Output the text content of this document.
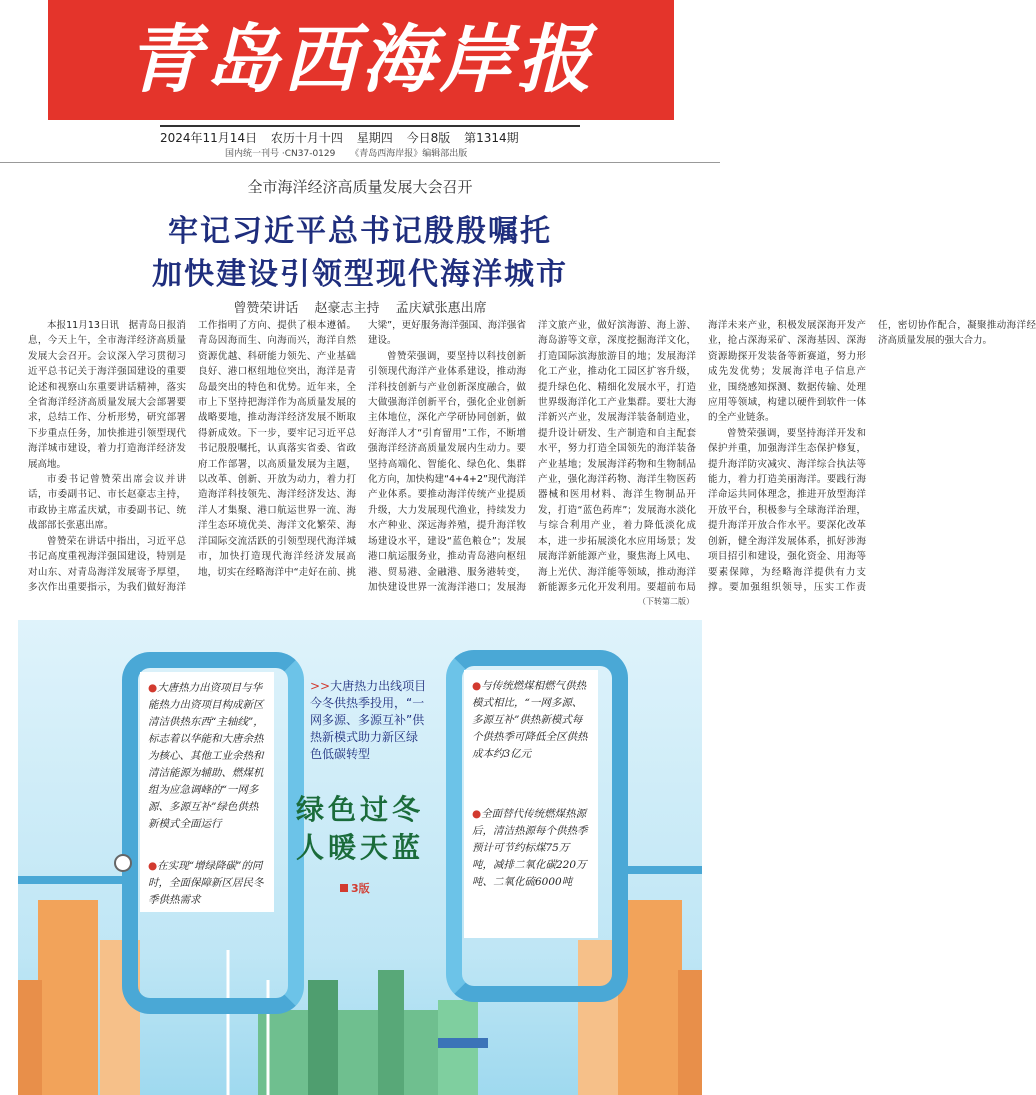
青岛西海岸报
2024年11月14日 农历十月十四 星期四 今日8版 第1314期
国内统一刊号 ·CN37-0129 《青岛西海岸报》编辑部出版
全市海洋经济高质量发展大会召开
牢记习近平总书记殷殷嘱托
加快建设引领型现代海洋城市
曾赞荣讲话 赵豪志主持 孟庆斌张惠出席

本报11月13日讯　据青岛日报消息，今天上午，全市海洋经济高质量发展大会召开。会议深入学习贯彻习近平总书记关于海洋强国建设的重要论述和视察山东重要讲话精神，落实全省海洋经济高质量发展大会部署要求，总结工作、分析形势，研究部署下步重点任务，加快推进引领型现代海洋城市建设，着力打造海洋经济发展高地。

市委书记曾赞荣出席会议并讲话，市委副书记、市长赵豪志主持，市政协主席孟庆斌，市委副书记、统战部部长张惠出席。

曾赞荣在讲话中指出，习近平总书记高度重视海洋强国建设，特别是对山东、对青岛海洋发展寄予厚望，多次作出重要指示，为我们做好海洋工作指明了方向、提供了根本遵循。青岛因海而生、向海而兴，海洋自然资源优越、科研能力领先、产业基础良好、港口枢纽地位突出，海洋是青岛最突出的特色和优势。近年来，全市上下坚持把海洋作为高质量发展的战略要地，推动海洋经济发展不断取得新成效。下一步，要牢记习近平总书记殷殷嘱托，认真落实省委、省政府工作部署，以高质量发展为主题，以改革、创新、开放为动力，着力打造海洋科技领先、海洋经济发达、海洋人才集聚、港口航运世界一流、海洋生态环境优美、海洋文化繁荣、海洋国际交流活跃的引领型现代海洋城市，加快打造现代海洋经济发展高地，切实在经略海洋中“走好在前、挑大梁”，更好服务海洋强国、海洋强省建设。

曾赞荣强调，要坚持以科技创新引领现代海洋产业体系建设，推动海洋科技创新与产业创新深度融合，做大做强海洋创新平台，强化企业创新主体地位，深化产学研协同创新，做好海洋人才“引育留用”工作，不断增强海洋经济高质量发展内生动力。要坚持高端化、智能化、绿色化、集群化方向，加快构建“4+4+2”现代海洋产业体系。要推动海洋传统产业提质升级，大力发展现代渔业，持续发力水产种业、深远海养殖，提升海洋牧场建设水平，建设“蓝色粮仓”；发展港口航运服务业，推动青岛港向枢纽港、贸易港、金融港、服务港转变，加快建设世界一流海洋港口；发展海洋文旅产业，做好滨海游、海上游、海岛游等文章，深度挖掘海洋文化，打造国际滨海旅游目的地；发展海洋化工产业，推动化工园区扩容升级，提升绿色化、精细化发展水平，打造世界级海洋化工产业集群。要壮大海洋新兴产业，发展海洋装备制造业，提升设计研发、生产制造和自主配套水平，努力打造全国领先的海洋装备产业基地；发展海洋药物和生物制品产业，强化海洋药物、海洋生物医药器械和医用材料、海洋生物制品开发，打造“蓝色药库”；发展海水淡化与综合利用产业，着力降低淡化成本，进一步拓展淡化水应用场景；发展海洋新能源产业，聚焦海上风电、海上光伏、海洋能等领域，推动海洋新能源多元化开发利用。要超前布局海洋未来产业，积极发展深海开发产业，抢占深海采矿、深海基因、深海资源勘探开发装备等新赛道，努力形成先发优势；发展海洋电子信息产业，围绕感知探测、数据传输、处理应用等领域，构建以硬件到软件一体的全产业链条。

曾赞荣强调，要坚持海洋开发和保护并重，加强海洋生态保护修复，提升海洋防灾减灾、海洋综合执法等能力，着力打造美丽海洋。要践行海洋命运共同体理念，推进开放型海洋开放平台，积极参与全球海洋治理，提升海洋开放合作水平。要深化改革创新，健全海洋发展体系，抓好涉海项目招引和建设，强化资金、用海等要素保障，为经略海洋提供有力支撑。要加强组织领导，压实工作责任，密切协作配合，凝聚推动海洋经济高质量发展的强大合力。

（下转第二版）
●大唐热力出资项目与华能热力出资项目构成新区清洁供热东西“主轴线”，标志着以华能和大唐余热为核心、其他工业余热和清洁能源为辅助、燃煤机组为应急调峰的“一网多源、多源互补”绿色供热新模式全面运行
●在实现“增绿降碳”的同时，全面保障新区居民冬季供热需求
>>大唐热力出线项目今冬供热季投用，“一网多源、多源互补”供热新模式助力新区绿色低碳转型
绿色过冬
人暖天蓝
3版
●与传统燃煤相燃气供热模式相比，“一网多源、多源互补”供热新模式每个供热季可降低全区供热成本约3亿元
●全面替代传统燃煤热源后，清洁热源每个供热季预计可节约标煤75万吨，减排二氧化碳220万吨、二氧化硫6000吨
